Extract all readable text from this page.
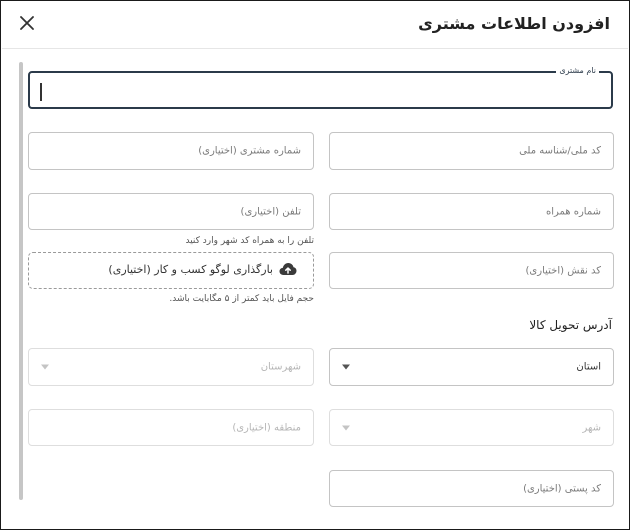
افزودن اطلاعات مشتری
نام مشتری
کد ملی/شناسه ملی
شماره مشتری (اختیاری)
شماره همراه
تلفن (اختیاری)
تلفن را به همراه کد شهر وارد کنید
کد نقش (اختیاری)
بارگذاری لوگو کسب و کار (اختیاری)
حجم فایل باید کمتر از ۵ مگابایت باشد.
آدرس تحویل کالا
استان
شهرستان
شهر
منطقه (اختیاری)
کد پستی (اختیاری)
